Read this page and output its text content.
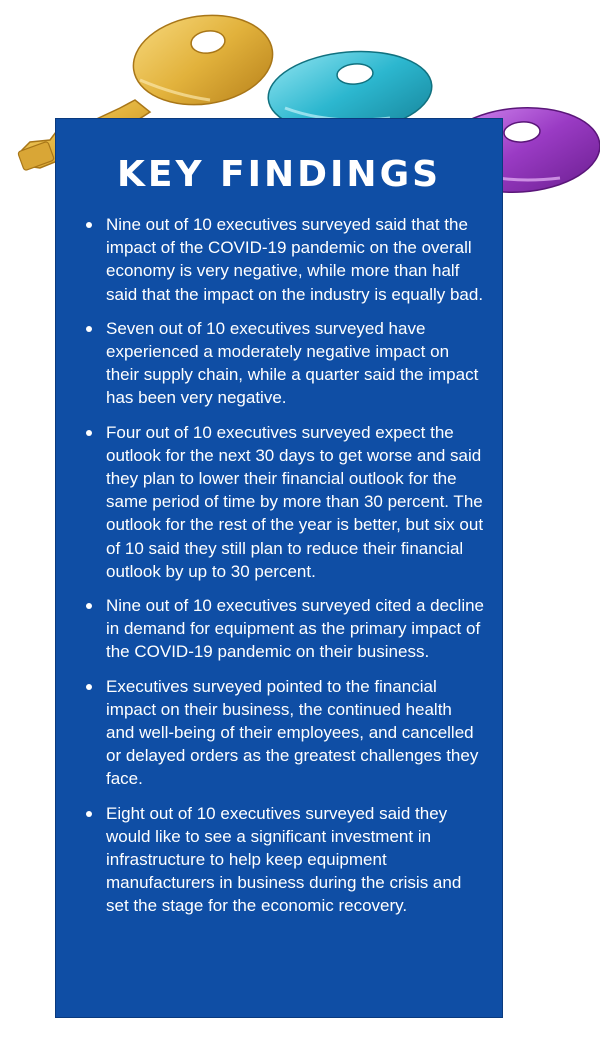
KEY FINDINGS
Nine out of 10 executives surveyed said that the impact of the COVID-19 pandemic on the overall economy is very negative, while more than half said that the impact on the industry is equally bad.
Seven out of 10 executives surveyed have experienced a moderately negative impact on their supply chain, while a quarter said the impact has been very negative.
Four out of 10 executives surveyed expect the outlook for the next 30 days to get worse and said they plan to lower their financial outlook for the same period of time by more than 30 percent. The outlook for the rest of the year is better, but six out of 10 said they still plan to reduce their financial outlook by up to 30 percent.
Nine out of 10 executives surveyed cited a decline in demand for equipment as the primary impact of the COVID-19 pandemic on their business.
Executives surveyed pointed to the financial impact on their business, the continued health and well-being of their employees, and cancelled or delayed orders as the greatest challenges they face.
Eight out of 10 executives surveyed said they would like to see a significant investment in infrastructure to help keep equipment manufacturers in business during the crisis and set the stage for the economic recovery.
